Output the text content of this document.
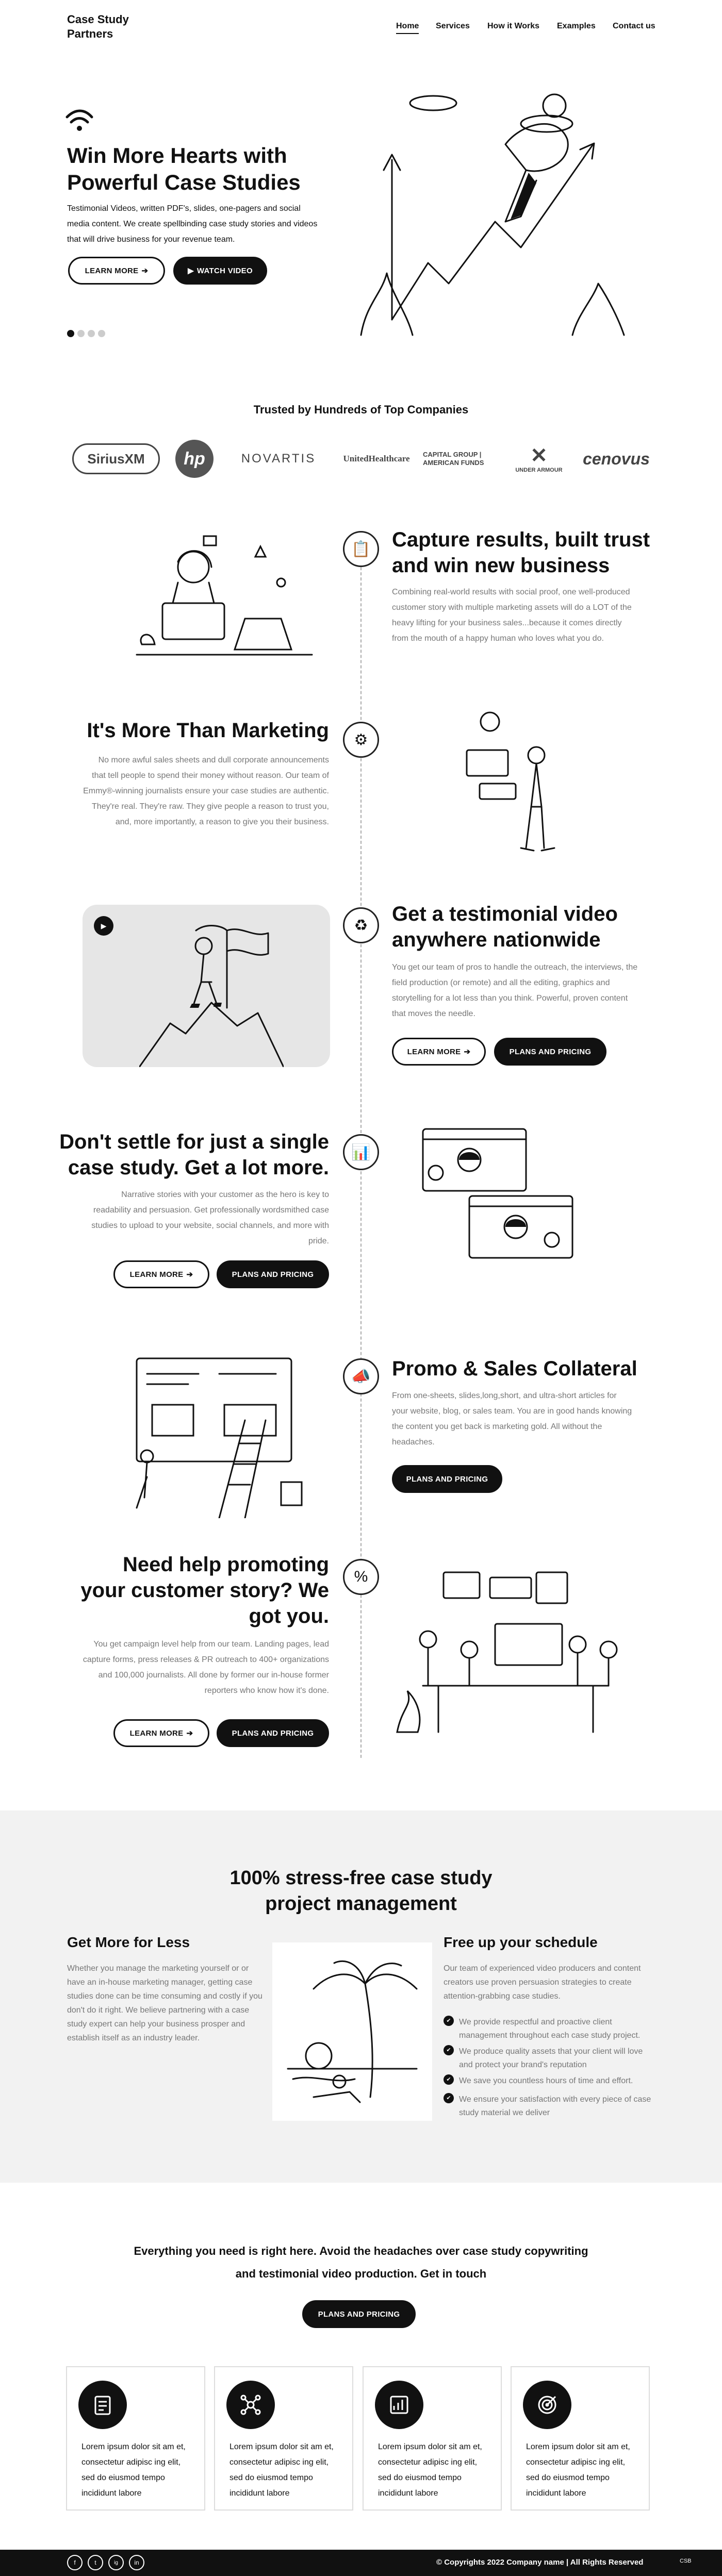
Case Study
Partners
Home Services How it Works Examples Contact us
Win More Hearts with
Powerful Case Studies
Testimonial Videos, written PDF's, slides, one-pagers and social media content. We create spellbinding case study stories and videos that will drive business for your revenue team.
LEARN MORE ➔	▶ WATCH VIDEO
Trusted by Hundreds of Top Companies
SiriusXM	hp	NOVARTIS	UnitedHealthcare	CAPITAL GROUP | AMERICAN FUNDS	✕
UNDER ARMOUR
cenovus
📋 Capture results, built trust
and win new business
Combining real-world results with social proof, one well-produced customer story with multiple marketing assets will do a LOT of the heavy lifting for your business sales...because it comes directly from the mouth of a happy human who loves what you do.
It's More Than Marketing
No more awful sales sheets and dull corporate announcements that tell people to spend their money without reason. Our team of Emmy®-winning journalists ensure your case studies are authentic. They're real. They're raw. They give people a reason to trust you, and, more importantly, a reason to give you their business.
⚙
▶	♻ Get a testimonial video
anywhere nationwide
You get our team of pros to handle the outreach, the interviews, the field production (or remote) and all the editing, graphics and storytelling for a lot less than you think. Powerful, proven content that moves the needle.
LEARN MORE ➔	PLANS AND PRICING
Don't settle for just a single
case study. Get a lot more.
Narrative stories with your customer as the hero is key to readability and persuasion. Get professionally wordsmithed case studies to upload to your website, social channels, and more with pride.
LEARN MORE ➔	PLANS AND PRICING
📊
📣 Promo & Sales Collateral
From one-sheets, slides,long,short, and ultra-short articles for your website, blog, or sales team. You are in good hands knowing the content you get back is marketing gold. All without the headaches.
PLANS AND PRICING
Need help promoting
your customer story? We
got you.
You get campaign level help from our team. Landing pages, lead capture forms, press releases & PR outreach to 400+ organizations and 100,000 journalists. All done by former our in-house former reporters who know how it's done.
LEARN MORE ➔	PLANS AND PRICING
%
100% stress-free case study
project management
Get More for Less
Whether you manage the marketing yourself or or have an in-house marketing manager, getting case studies done can be time consuming and costly if you don't do it right. We believe partnering with a case study expert can help your business prosper and establish itself as an industry leader.
Free up your schedule
Our team of experienced video producers and content creators use proven persuasion strategies to create attention-grabbing case studies.
✔ We provide respectful and proactive client management throughout each case study project.
✔ We produce quality assets that your client will love and protect your brand's reputation
✔ We save you countless hours of time and effort.
✔ We ensure your satisfaction with every piece of case study material we deliver
Everything you need is right here. Avoid the headaches over case study copywriting
and testimonial video production. Get in touch
PLANS AND PRICING

Lorem ipsum dolor sit am et, consectetur adipisc ing elit, sed do eiusmod tempo incididunt labore

Lorem ipsum dolor sit am et, consectetur adipisc ing elit, sed do eiusmod tempo incididunt labore

Lorem ipsum dolor sit am et, consectetur adipisc ing elit, sed do eiusmod tempo incididunt labore

Lorem ipsum dolor sit am et, consectetur adipisc ing elit, sed do eiusmod tempo incididunt labore

f	t	ig	in	© Copyrights 2022 Company name | All Rights Reserved	CSB
